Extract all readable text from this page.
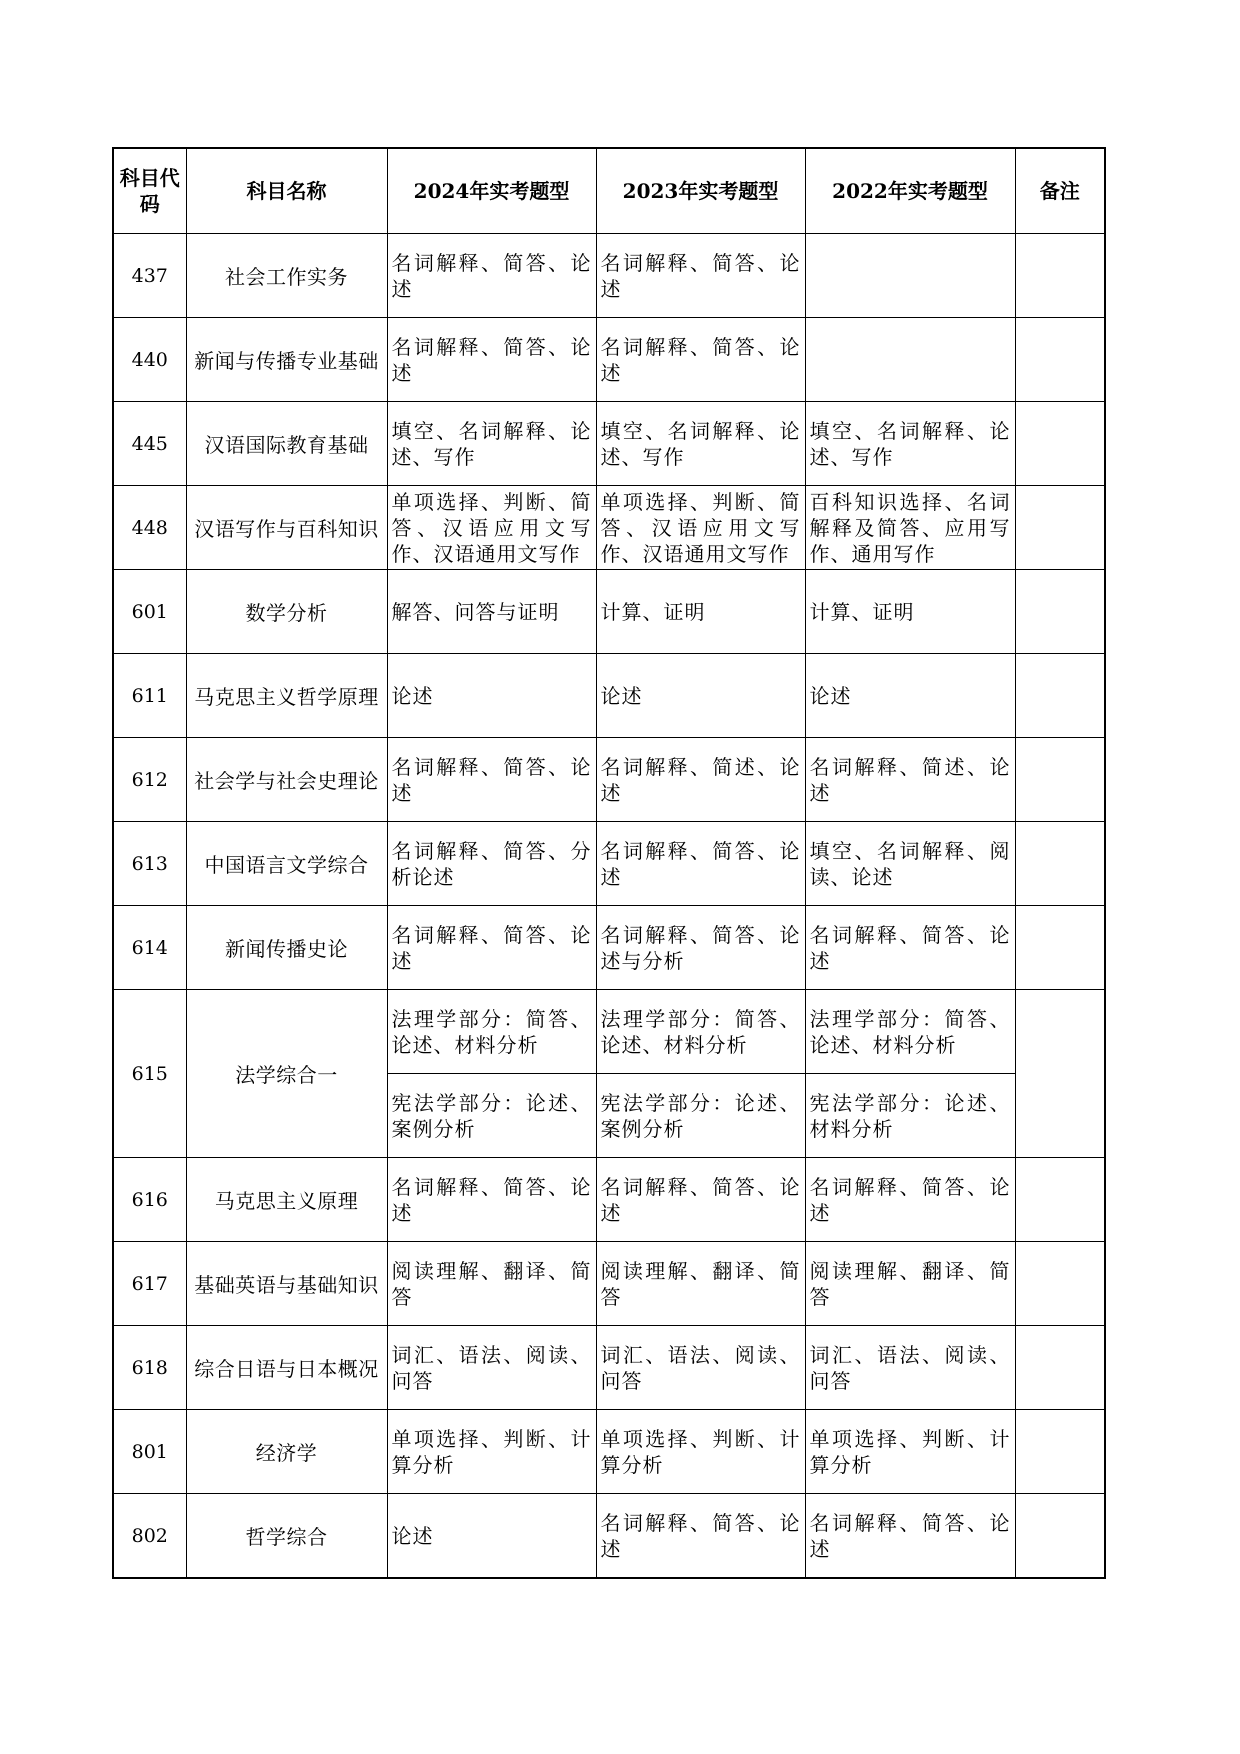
科目代码	科目名称	2024年实考题型	2023年实考题型	2022年实考题型	备注
437	社会工作实务	名词解释、简答、论述	名词解释、简答、论述		
440	新闻与传播专业基础	名词解释、简答、论述	名词解释、简答、论述		
445	汉语国际教育基础	填空、名词解释、论述、写作	填空、名词解释、论述、写作	填空、名词解释、论述、写作	
448	汉语写作与百科知识	单项选择、判断、简答、汉语应用文写作、汉语通用文写作	单项选择、判断、简答、汉语应用文写作、汉语通用文写作	百科知识选择、名词解释及简答、应用写作、通用写作	
601	数学分析	解答、问答与证明	计算、证明	计算、证明	
611	马克思主义哲学原理	论述	论述	论述	
612	社会学与社会史理论	名词解释、简答、论述	名词解释、简述、论述	名词解释、简述、论述	
613	中国语言文学综合	名词解释、简答、分析论述	名词解释、简答、论述	填空、名词解释、阅读、论述	
614	新闻传播史论	名词解释、简答、论述	名词解释、简答、论述与分析	名词解释、简答、论述	
615	法学综合一	法理学部分：简答、论述、材料分析	法理学部分：简答、论述、材料分析	法理学部分：简答、论述、材料分析	
		宪法学部分：论述、案例分析	宪法学部分：论述、案例分析	宪法学部分：论述、材料分析	
616	马克思主义原理	名词解释、简答、论述	名词解释、简答、论述	名词解释、简答、论述	
617	基础英语与基础知识	阅读理解、翻译、简答	阅读理解、翻译、简答	阅读理解、翻译、简答	
618	综合日语与日本概况	词汇、语法、阅读、问答	词汇、语法、阅读、问答	词汇、语法、阅读、问答	
801	经济学	单项选择、判断、计算分析	单项选择、判断、计算分析	单项选择、判断、计算分析	
802	哲学综合	论述	名词解释、简答、论述	名词解释、简答、论述	
